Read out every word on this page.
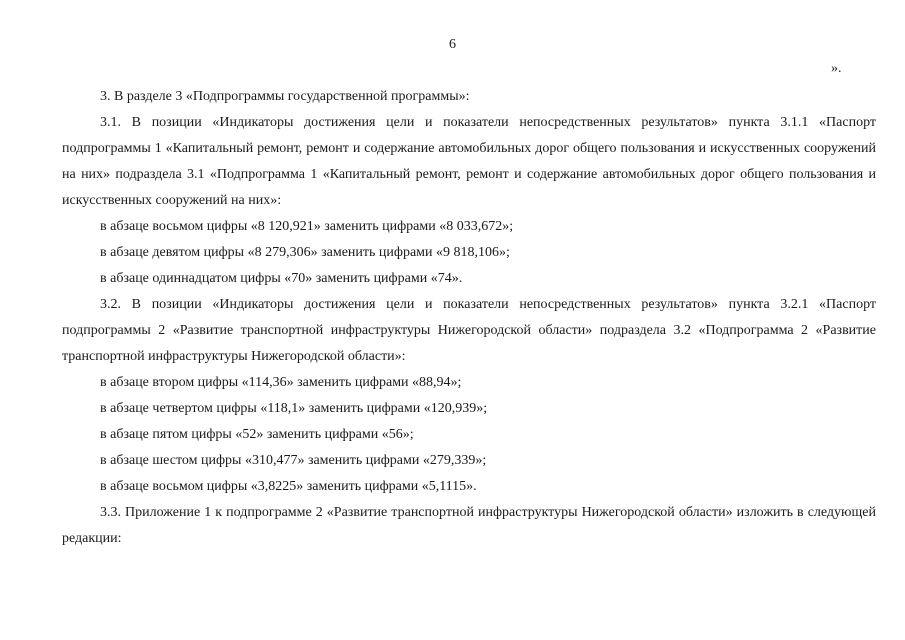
6
».

3. В разделе 3 «Подпрограммы государственной программы»:

3.1. В позиции «Индикаторы достижения цели и показатели непосредственных результатов» пункта 3.1.1 «Паспорт подпрограммы 1 «Капитальный ремонт, ремонт и содержание автомобильных дорог общего пользования и искусственных сооружений на них» подраздела 3.1 «Подпрограмма 1 «Капитальный ремонт, ремонт и содержание автомобильных дорог общего пользования и искусственных сооружений на них»:

в абзаце восьмом цифры «8 120,921» заменить цифрами «8 033,672»;

в абзаце девятом цифры «8 279,306» заменить цифрами «9 818,106»;

в абзаце одиннадцатом цифры «70» заменить цифрами «74».

3.2. В позиции «Индикаторы достижения цели и показатели непосредственных результатов» пункта 3.2.1 «Паспорт подпрограммы 2 «Развитие транспортной инфраструктуры Нижегородской области» подраздела 3.2 «Подпрограмма 2 «Развитие транспортной инфраструктуры Нижегородской области»:

в абзаце втором цифры «114,36» заменить цифрами «88,94»;

в абзаце четвертом цифры «118,1» заменить цифрами «120,939»;

в абзаце пятом цифры «52» заменить цифрами «56»;

в абзаце шестом цифры «310,477» заменить цифрами «279,339»;

в абзаце восьмом цифры «3,8225» заменить цифрами «5,1115».

3.3. Приложение 1 к подпрограмме 2 «Развитие транспортной инфраструктуры Нижегородской области» изложить в следующей редакции:
